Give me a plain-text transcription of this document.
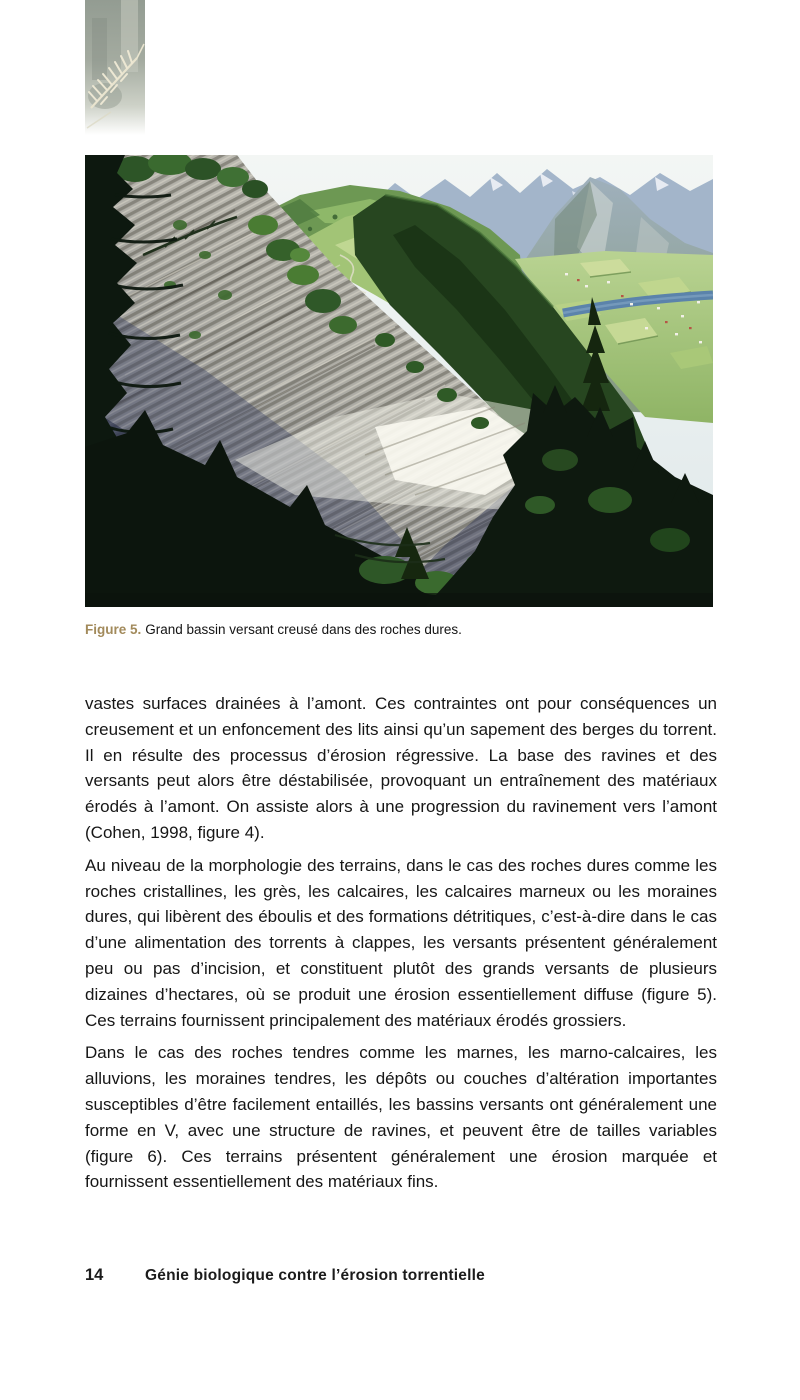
Figure 5. Grand bassin versant creusé dans des roches dures.

vastes surfaces drainées à l’amont. Ces contraintes ont pour conséquences un creusement et un enfoncement des lits ainsi qu’un sapement des berges du torrent. Il en résulte des processus d’érosion régressive. La base des ravines et des versants peut alors être déstabilisée, provoquant un entraînement des matériaux érodés à l’amont. On assiste alors à une progression du ravinement vers l’amont (Cohen, 1998, figure 4).

Au niveau de la morphologie des terrains, dans le cas des roches dures comme les roches cristallines, les grès, les calcaires, les calcaires marneux ou les moraines dures, qui libèrent des éboulis et des formations détritiques, c’est-à-dire dans le cas d’une alimentation des torrents à clappes, les versants présentent généralement peu ou pas d’incision, et constituent plutôt des grands versants de plusieurs dizaines d’hectares, où se produit une érosion essentiellement diffuse (figure 5). Ces terrains fournissent principalement des matériaux érodés grossiers.

Dans le cas des roches tendres comme les marnes, les marno-calcaires, les alluvions, les moraines tendres, les dépôts ou couches d’altération importantes susceptibles d’être facilement entaillés, les bassins versants ont généralement une forme en V, avec une structure de ravines, et peuvent être de tailles variables (figure 6). Ces terrains présentent généralement une érosion marquée et fournissent essentiellement des matériaux fins.

14	Génie biologique contre l’érosion torrentielle
